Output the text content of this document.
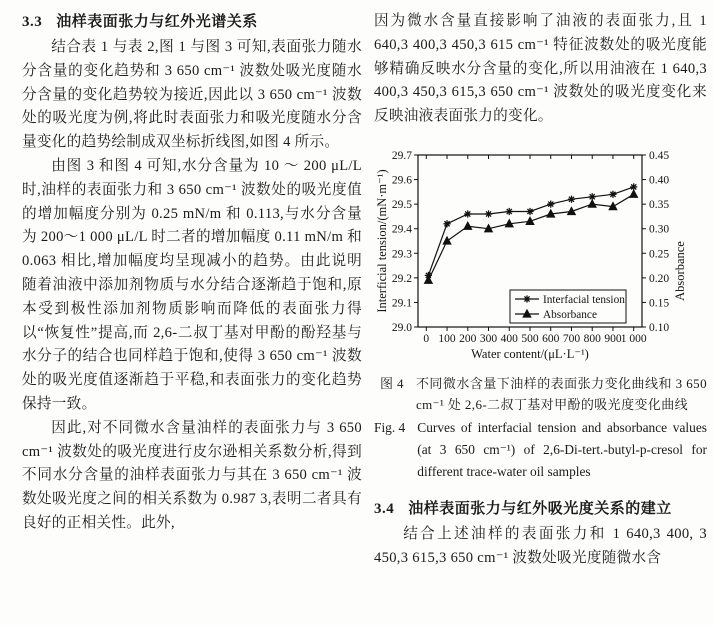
3.3 油样表面张力与红外光谱关系

结合表 1 与表 2,图 1 与图 3 可知,表面张力随水分含量的变化趋势和 3 650 cm⁻¹ 波数处吸光度随水分含量的变化趋势较为接近,因此以 3 650 cm⁻¹ 波数处的吸光度为例,将此时表面张力和吸光度随水分含量变化的趋势绘制成双坐标折线图,如图 4 所示。

由图 3 和图 4 可知,水分含量为 10 ～ 200 μL/L 时,油样的表面张力和 3 650 cm⁻¹ 波数处的吸光度值的增加幅度分别为 0.25 mN/m 和 0.113,与水分含量为 200～1 000 μL/L 时二者的增加幅度 0.11 mN/m 和 0.063 相比,增加幅度均呈现减小的趋势。由此说明随着油液中添加剂物质与水分结合逐渐趋于饱和,原本受到极性添加剂物质影响而降低的表面张力得以“恢复性”提高,而 2,6-二叔丁基对甲酚的酚羟基与水分子的结合也同样趋于饱和,使得 3 650 cm⁻¹ 波数处的吸光度值逐渐趋于平稳,和表面张力的变化趋势保持一致。

因此,对不同微水含量油样的表面张力与 3 650 cm⁻¹ 波数处的吸光度进行皮尔逊相关系数分析,得到不同水分含量的油样表面张力与其在 3 650 cm⁻¹ 波数处吸光度之间的相关系数为 0.987 3,表明二者具有良好的正相关性。此外,

因为微水含量直接影响了油液的表面张力,且 1 640,3 400,3 450,3 615 cm⁻¹ 特征波数处的吸光度能够精确反映水分含量的变化,所以用油液在 1 640,3 400,3 450,3 615,3 650 cm⁻¹ 波数处的吸光度变化来反映油液表面张力的变化。

29.0
29.1
29.2
29.3
29.4
29.5
29.6
29.7
0.10
0.15
0.20
0.25
0.30
0.35
0.40
0.45
0 100 200 300 400 500 600 700 800 900 1 000
Water content/(μL·L⁻¹)
Interficial tension/(mN·m⁻¹)	Absorbance
Interfacial tension
Absorbance
图 4 不同微水含量下油样的表面张力变化曲线和 3 650 cm⁻¹ 处 2,6-二叔丁基对甲酚的吸光度变化曲线
Fig. 4 Curves of interfacial tension and absorbance values (at 3 650 cm⁻¹) of 2,6-Di-tert.-butyl-p-cresol for different trace-water oil samples
3.4 油样表面张力与红外吸光度关系的建立

结合上述油样的表面张力和 1 640,3 400, 3 450,3 615,3 650 cm⁻¹ 波数处吸光度随微水含
